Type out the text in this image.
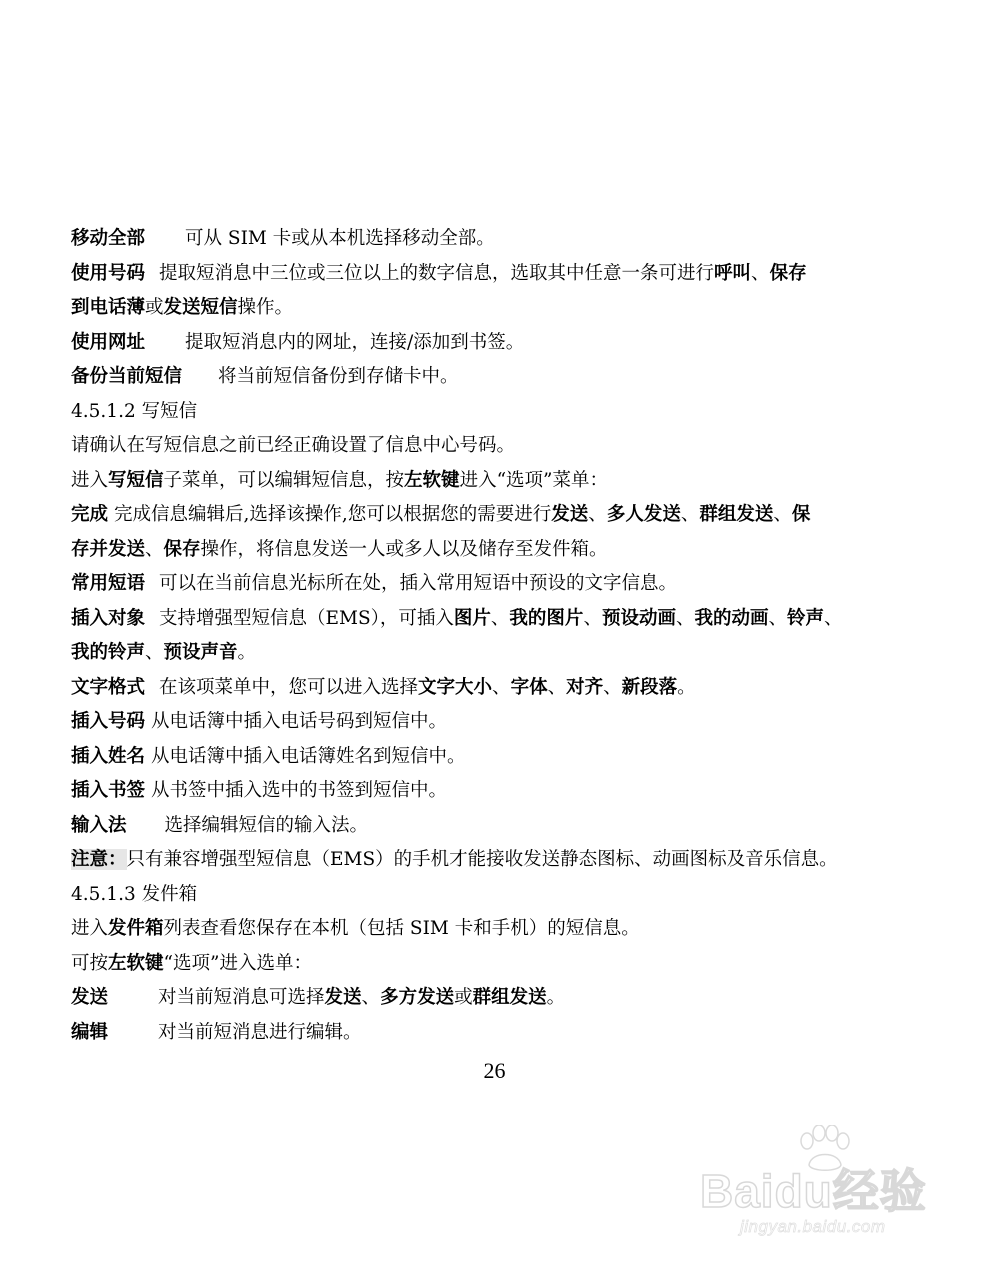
移动全部 可从 SIM 卡或从本机选择移动全部。
使用号码 提取短消息中三位或三位以上的数字信息，选取其中任意一条可进行呼叫、保存
到电话薄或发送短信操作。
使用网址 提取短消息内的网址，连接/添加到书签。
备份当前短信 将当前短信备份到存储卡中。
4.5.1.2 写短信
请确认在写短信息之前已经正确设置了信息中心号码。
进入写短信子菜单，可以编辑短信息，按左软键进入“选项”菜单：
完成 完成信息编辑后,选择该操作,您可以根据您的需要进行发送、多人发送、群组发送、保
存并发送、保存操作，将信息发送一人或多人以及储存至发件箱。
常用短语 可以在当前信息光标所在处，插入常用短语中预设的文字信息。
插入对象 支持增强型短信息（EMS），可插入图片、我的图片、预设动画、我的动画、铃声、
我的铃声、预设声音。
文字格式 在该项菜单中，您可以进入选择文字大小、字体、对齐、新段落。
插入号码 从电话簿中插入电话号码到短信中。
插入姓名 从电话簿中插入电话簿姓名到短信中。
插入书签 从书签中插入选中的书签到短信中。
输入法 选择编辑短信的输入法。
注意：只有兼容增强型短信息（EMS）的手机才能接收发送静态图标、动画图标及音乐信息。
4.5.1.3 发件箱
进入发件箱列表查看您保存在本机（包括 SIM 卡和手机）的短信息。
可按左软键“选项”进入选单：
发送	对当前短消息可选择发送、多方发送或群组发送。
编辑	对当前短消息进行编辑。
26
Baidu经验
jingyan.baidu.com
